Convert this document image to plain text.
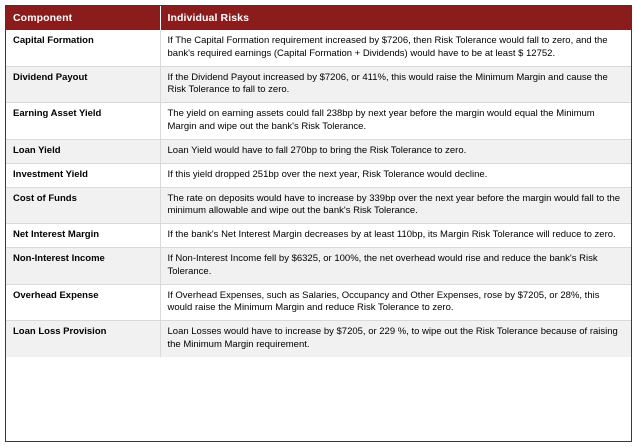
Component	Individual Risks
Capital Formation	If The Capital Formation requirement increased by $7206, then Risk Tolerance would fall to zero, and the bank's required earnings (Capital Formation + Dividends) would have to be at least $ 12752.
Dividend Payout	If the Dividend Payout increased by $7206, or 411%, this would raise the Minimum Margin and cause the Risk Tolerance to fall to zero.
Earning Asset Yield	The yield on earning assets could fall 238bp by next year before the margin would equal the Minimum Margin and wipe out the bank's Risk Tolerance.
Loan Yield	Loan Yield would have to fall 270bp to bring the Risk Tolerance to zero.
Investment Yield	If this yield dropped 251bp over the next year, Risk Tolerance would decline.
Cost of Funds	The rate on deposits would have to increase by 339bp over the next year before the margin would fall to the minimum allowable and wipe out the bank's Risk Tolerance.
Net Interest Margin	If the bank's Net Interest Margin decreases by at least 110bp, its Margin Risk Tolerance will reduce to zero.
Non-Interest Income	If Non-Interest Income fell by $6325, or 100%, the net overhead would rise and reduce the bank's Risk Tolerance.
Overhead Expense	If Overhead Expenses, such as Salaries, Occupancy and Other Expenses, rose by $7205, or 28%, this would raise the Minimum Margin and reduce Risk Tolerance to zero.
Loan Loss Provision	Loan Losses would have to increase by $7205, or 229 %, to wipe out the Risk Tolerance because of raising the Minimum Margin requirement.
